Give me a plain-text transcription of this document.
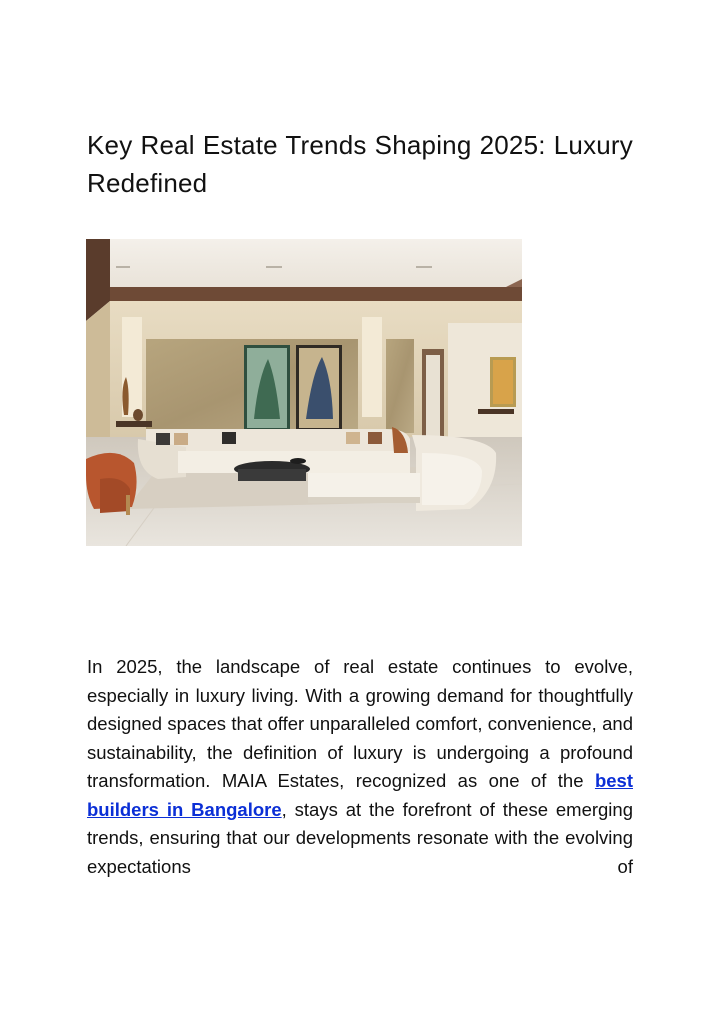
Key Real Estate Trends Shaping 2025: Luxury Redefined

In 2025, the landscape of real estate continues to evolve, especially in luxury living. With a growing demand for thoughtfully designed spaces that offer unparalleled comfort, convenience, and sustainability, the definition of luxury is undergoing a profound transformation. MAIA Estates, recognized as one of the best builders in Bangalore, stays at the forefront of these emerging trends, ensuring that our developments resonate with the evolving expectations of
